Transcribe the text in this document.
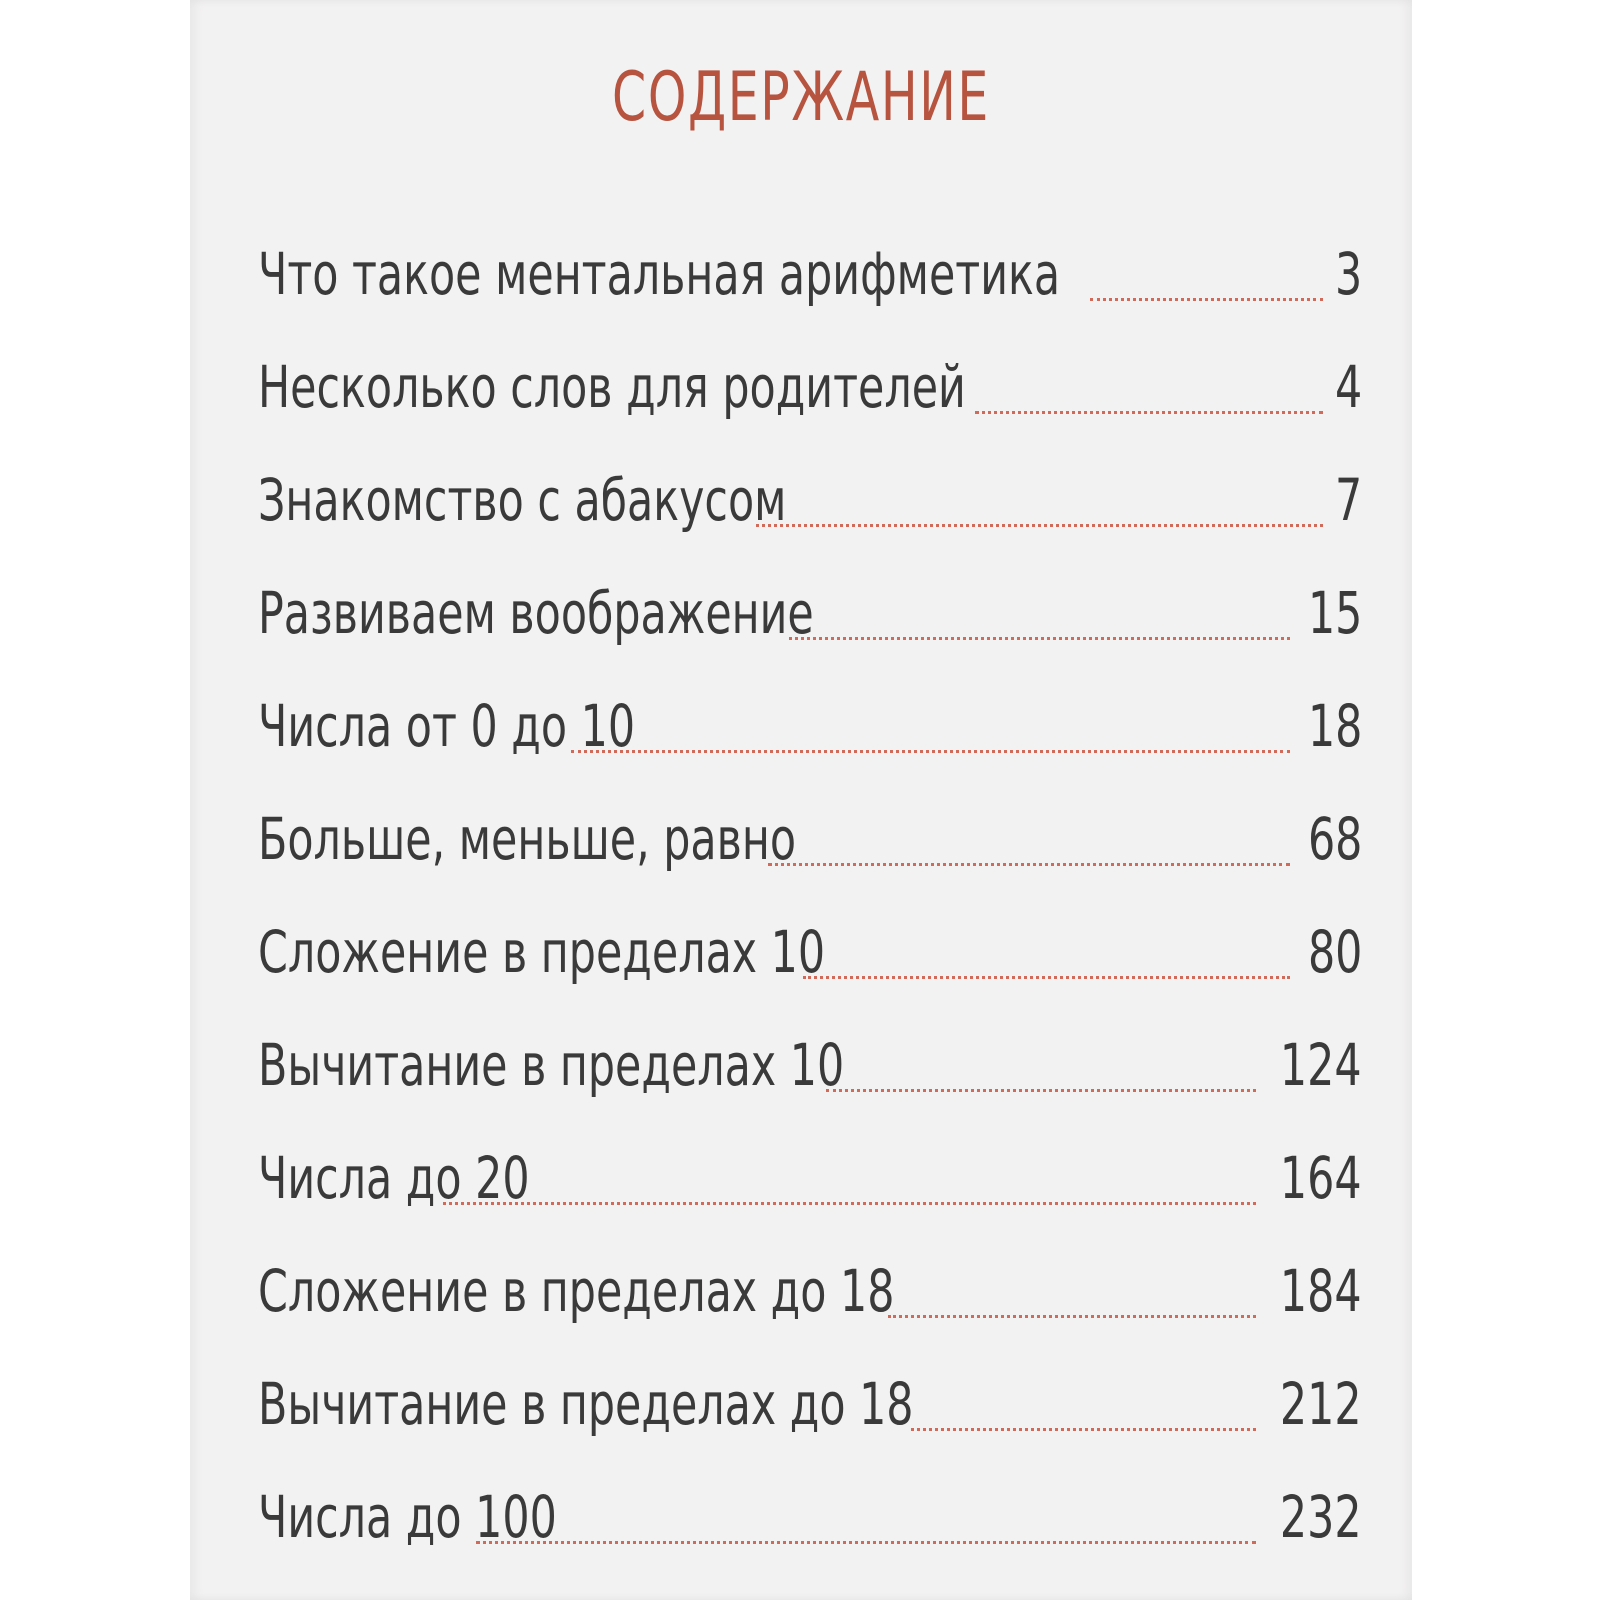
СОДЕРЖАНИЕ
Что такое ментальная арифметика	3
Несколько слов для родителей	4
Знакомство с абакусом	7
Развиваем воображение	15
Числа от 0 до 10	18
Больше, меньше, равно	68
Сложение в пределах 10	80
Вычитание в пределах 10	124
Числа до 20	164
Сложение в пределах до 18	184
Вычитание в пределах до 18	212
Числа до 100	232
